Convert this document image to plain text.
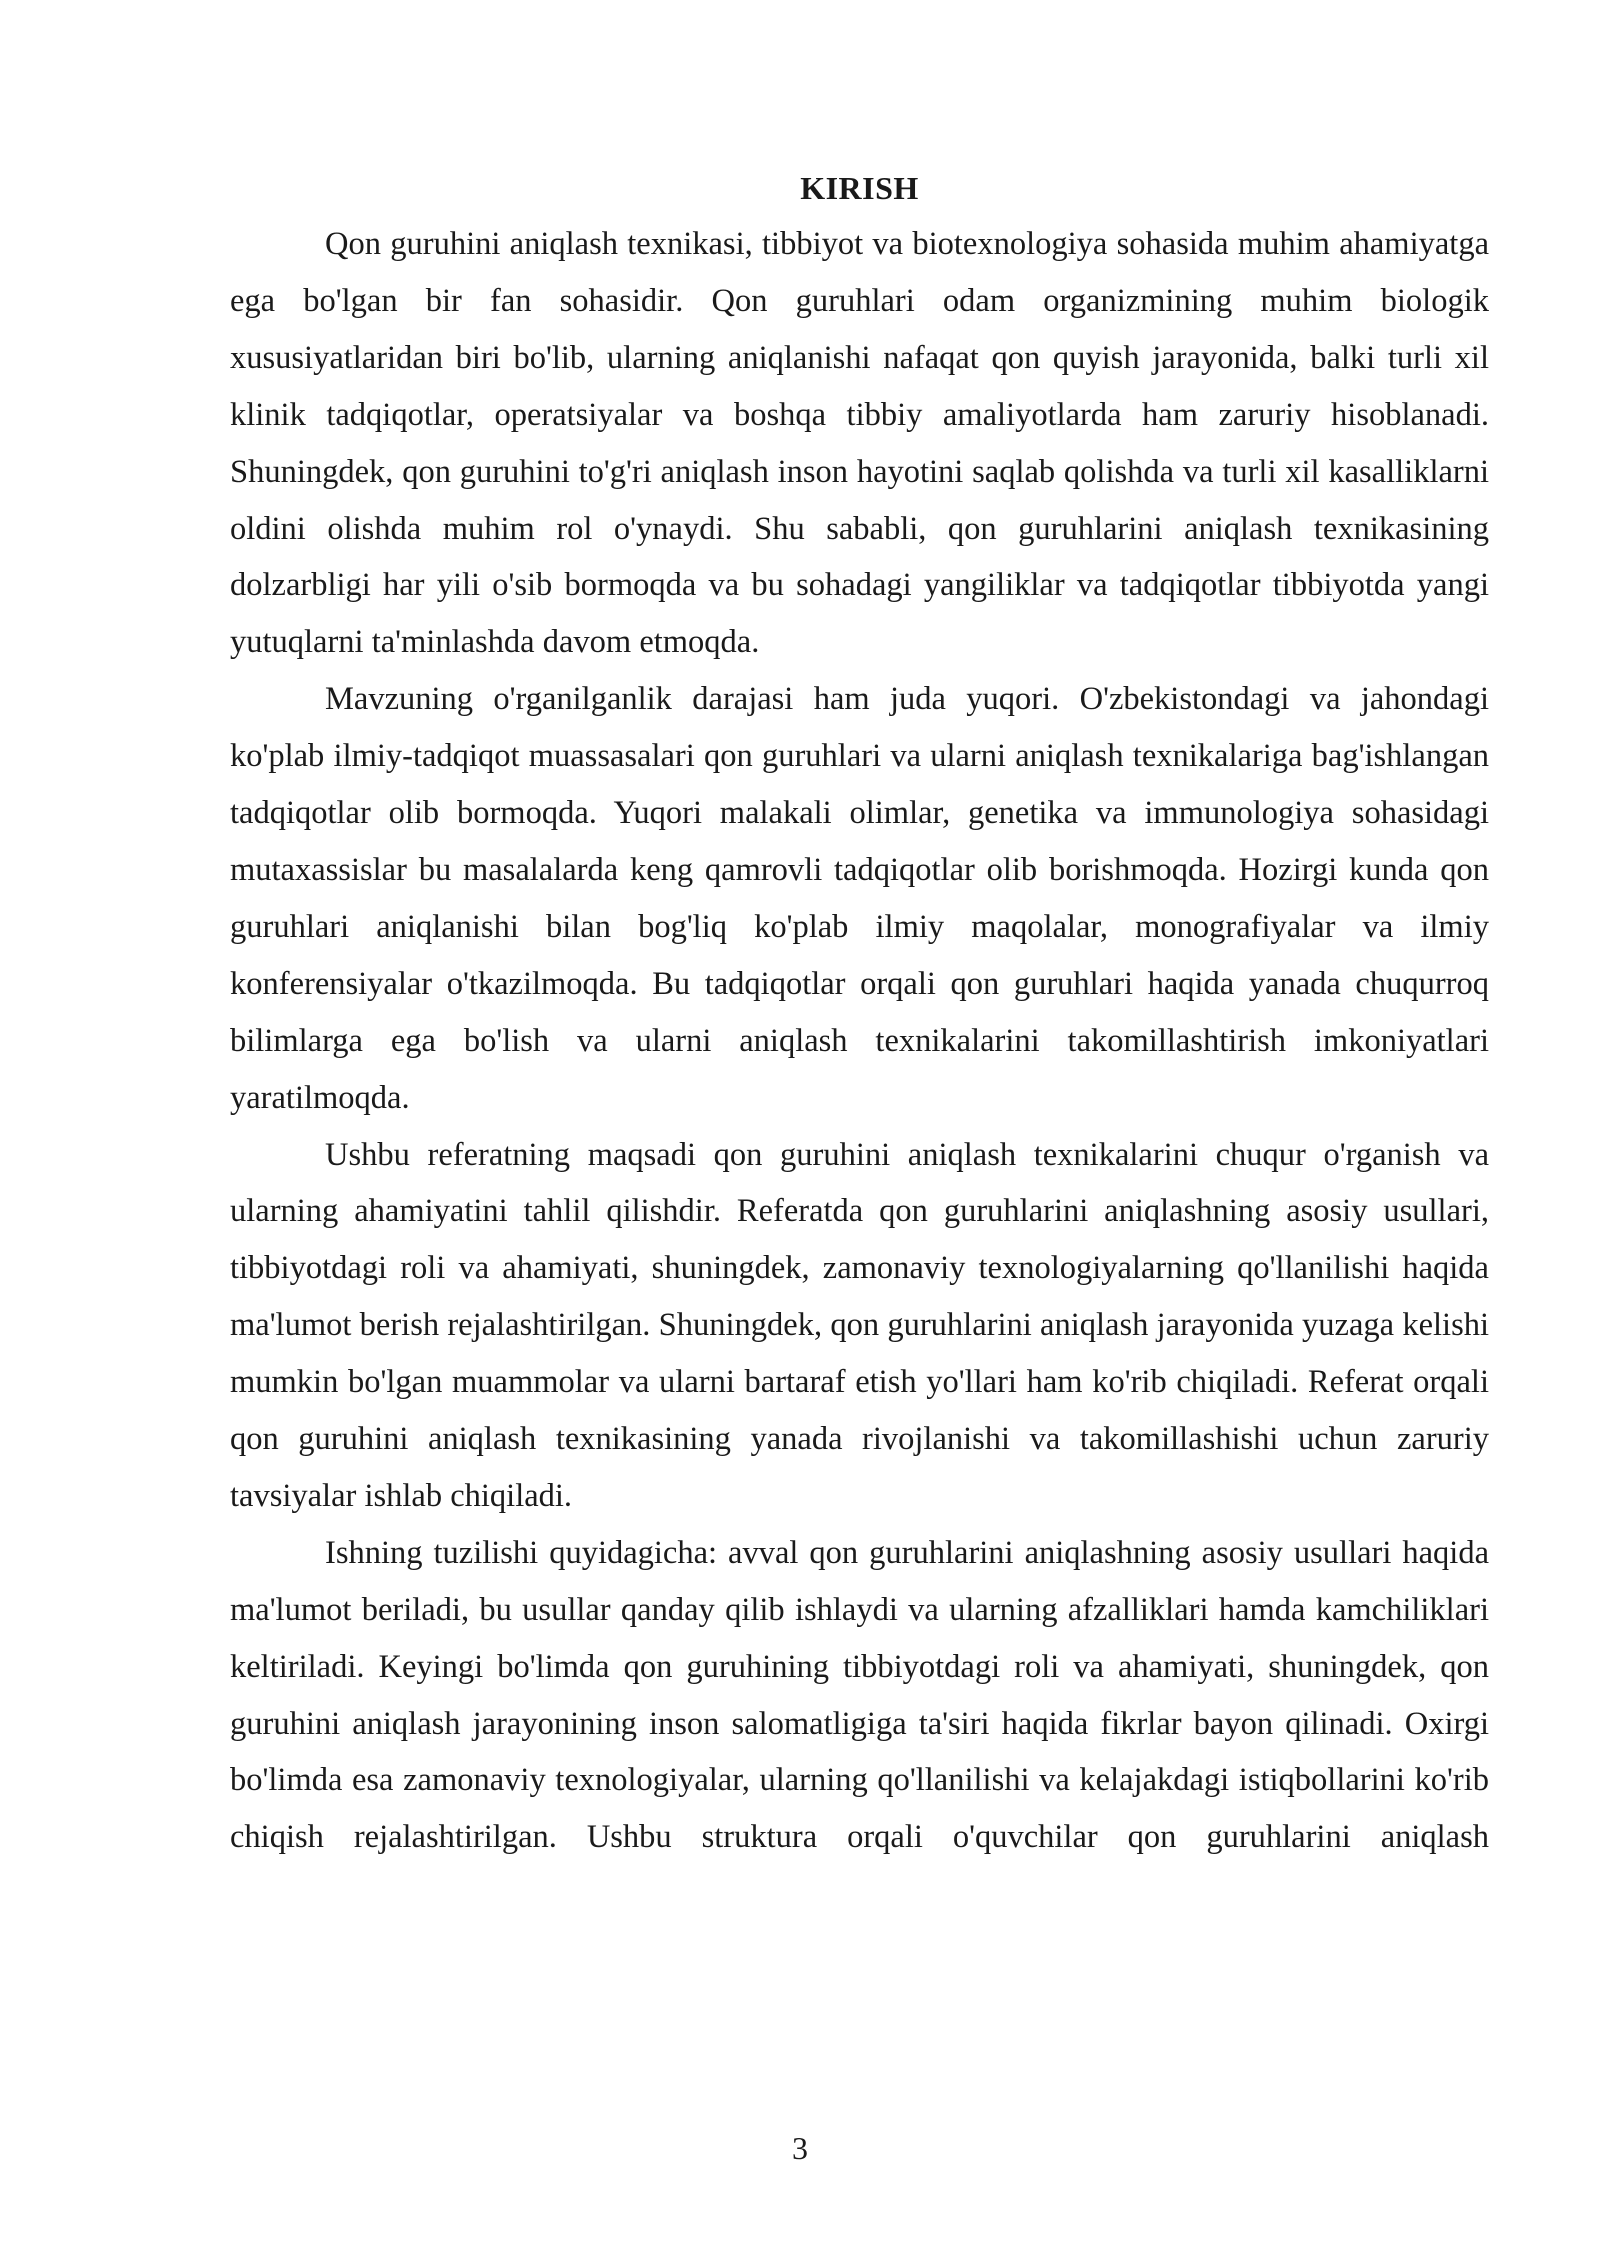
KIRISH

Qon guruhini aniqlash texnikasi, tibbiyot va biotexnologiya sohasida muhim ahamiyatga ega bo'lgan bir fan sohasidir. Qon guruhlari odam organizmining muhim biologik xususiyatlaridan biri bo'lib, ularning aniqlanishi nafaqat qon quyish jarayonida, balki turli xil klinik tadqiqotlar, operatsiyalar va boshqa tibbiy amaliyotlarda ham zaruriy hisoblanadi. Shuningdek, qon guruhini to'g'ri aniqlash inson hayotini saqlab qolishda va turli xil kasalliklarni oldini olishda muhim rol o'ynaydi. Shu sababli, qon guruhlarini aniqlash texnikasining dolzarbligi har yili o'sib bormoqda va bu sohadagi yangiliklar va tadqiqotlar tibbiyotda yangi yutuqlarni ta'minlashda davom etmoqda.

Mavzuning o'rganilganlik darajasi ham juda yuqori. O'zbekistondagi va jahondagi ko'plab ilmiy-tadqiqot muassasalari qon guruhlari va ularni aniqlash texnikalariga bag'ishlangan tadqiqotlar olib bormoqda. Yuqori malakali olimlar, genetika va immunologiya sohasidagi mutaxassislar bu masalalarda keng qamrovli tadqiqotlar olib borishmoqda. Hozirgi kunda qon guruhlari aniqlanishi bilan bog'liq ko'plab ilmiy maqolalar, monografiyalar va ilmiy konferensiyalar o'tkazilmoqda. Bu tadqiqotlar orqali qon guruhlari haqida yanada chuqurroq bilimlarga ega bo'lish va ularni aniqlash texnikalarini takomillashtirish imkoniyatlari yaratilmoqda.

Ushbu referatning maqsadi qon guruhini aniqlash texnikalarini chuqur o'rganish va ularning ahamiyatini tahlil qilishdir. Referatda qon guruhlarini aniqlashning asosiy usullari, tibbiyotdagi roli va ahamiyati, shuningdek, zamonaviy texnologiyalarning qo'llanilishi haqida ma'lumot berish rejalashtirilgan. Shuningdek, qon guruhlarini aniqlash jarayonida yuzaga kelishi mumkin bo'lgan muammolar va ularni bartaraf etish yo'llari ham ko'rib chiqiladi. Referat orqali qon guruhini aniqlash texnikasining yanada rivojlanishi va takomillashishi uchun zaruriy tavsiyalar ishlab chiqiladi.

Ishning tuzilishi quyidagicha: avval qon guruhlarini aniqlashning asosiy usullari haqida ma'lumot beriladi, bu usullar qanday qilib ishlaydi va ularning afzalliklari hamda kamchiliklari keltiriladi. Keyingi bo'limda qon guruhining tibbiyotdagi roli va ahamiyati, shuningdek, qon guruhini aniqlash jarayonining inson salomatligiga ta'siri haqida fikrlar bayon qilinadi. Oxirgi bo'limda esa zamonaviy texnologiyalar, ularning qo'llanilishi va kelajakdagi istiqbollarini ko'rib chiqish rejalashtirilgan. Ushbu struktura orqali o'quvchilar qon guruhlarini aniqlash

3
